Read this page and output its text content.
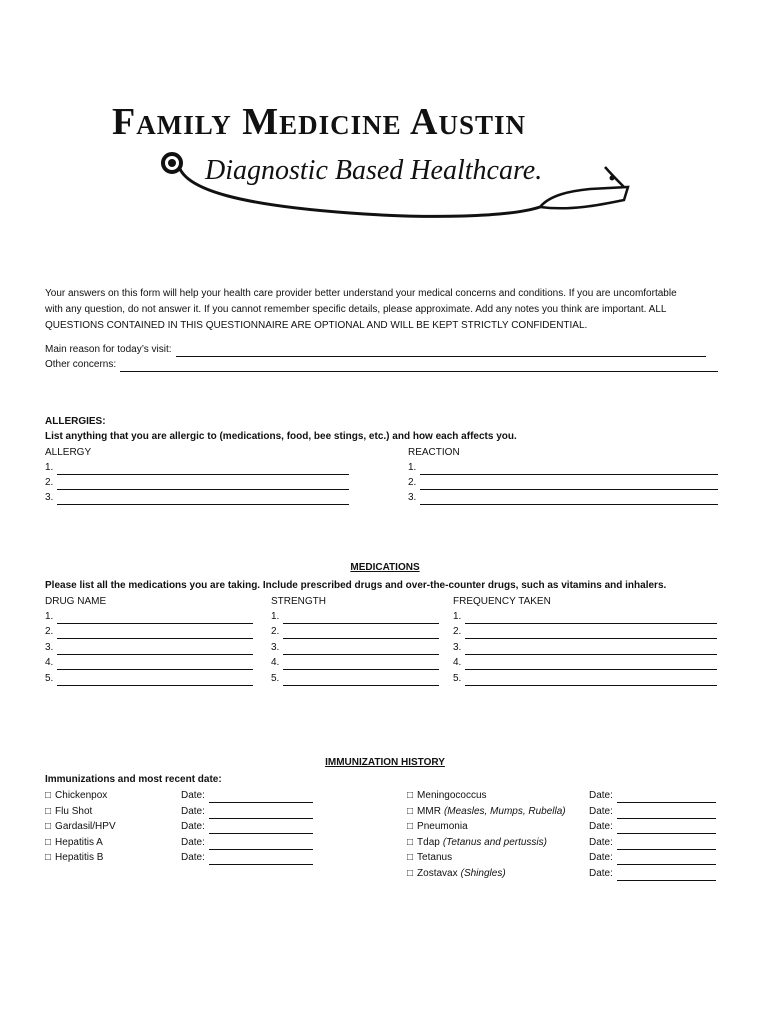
Family Medicine Austin
Diagnostic Based Healthcare.
Your answers on this form will help your health care provider better understand your medical concerns and conditions. If you are uncomfortable
with any question, do not answer it. If you cannot remember specific details, please approximate. Add any notes you think are important. ALL
QUESTIONS CONTAINED IN THIS QUESTIONNAIRE ARE OPTIONAL AND WILL BE KEPT STRICTLY CONFIDENTIAL.
Main reason for today’s visit:
Other concerns:
ALLERGIES:
List anything that you are allergic to (medications, food, bee stings, etc.) and how each affects you.
ALLERGY	REACTION
1.	1.
2.	2.
3.	3.
MEDICATIONS
Please list all the medications you are taking. Include prescribed drugs and over-the-counter drugs, such as vitamins and inhalers.
DRUG NAME	STRENGTH	FREQUENCY TAKEN
1.	1.	1.
2.	2.	2.
3.	3.	3.
4.	4.	4.
5.	5.	5.
IMMUNIZATION HISTORY
Immunizations and most recent date:
□ Chickenpox	Date:
□ Flu Shot	Date:
□ Gardasil/HPV	Date:
□ Hepatitis A	Date:
□ Hepatitis B	Date:
□ Meningococcus	Date:
□ MMR (Measles, Mumps, Rubella) Date:
□ Pneumonia	Date:
□ Tdap (Tetanus and pertussis)	Date:
□ Tetanus	Date:
□ Zostavax (Shingles)	Date:
